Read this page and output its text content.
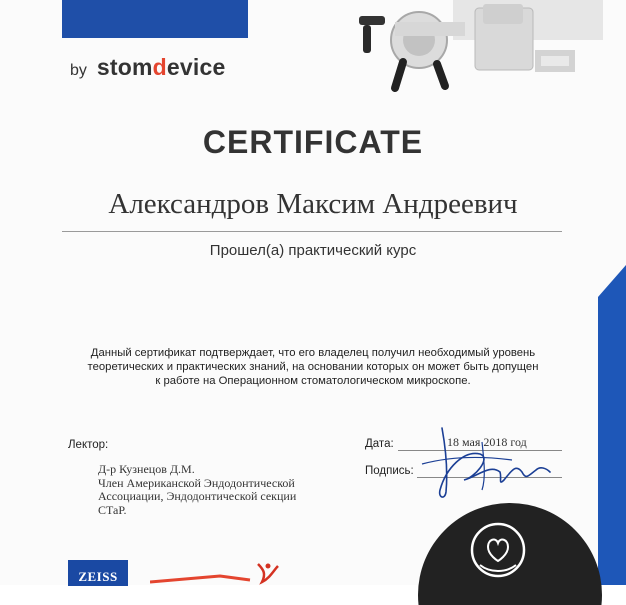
by stomdevice
CERTIFICATE
Александров Максим Андреевич
Прошел(а) практический курс
Данный сертификат подтверждает, что его владелец получил необходимый уровень
теоретических и практических знаний, на основании которых он может быть допущен
к работе на Операционном стоматологическом микроскопе.
Лектор:
Д-р Кузнецов Д.М.
Член Американской Эндодонтической
Ассоциации, Эндодонтической секции
СТаР.
Дата:	18 мая 2018 год
Подпись:
ZEISS
